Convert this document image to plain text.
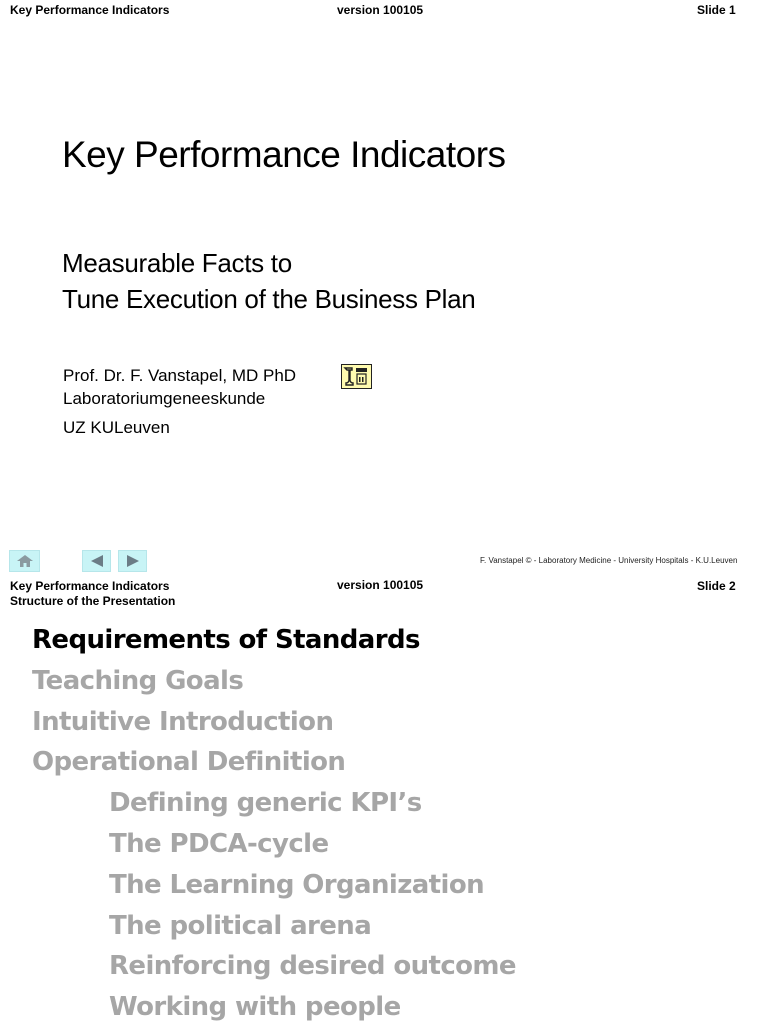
Key Performance Indicators	version 100105	Slide 1
Key Performance Indicators
Measurable Facts to
Tune Execution of the Business Plan
Prof. Dr. F. Vanstapel, MD PhD
Laboratoriumgeneeskunde
UZ KULeuven
F. Vanstapel © - Laboratory Medicine - University Hospitals - K.U.Leuven
Key Performance Indicators
Structure of the Presentation
version 100105	Slide 2
Requirements of Standards
Teaching Goals
Intuitive Introduction
Operational Definition
Defining generic KPI’s
The PDCA-cycle
The Learning Organization
The political arena
Reinforcing desired outcome
Working with people
